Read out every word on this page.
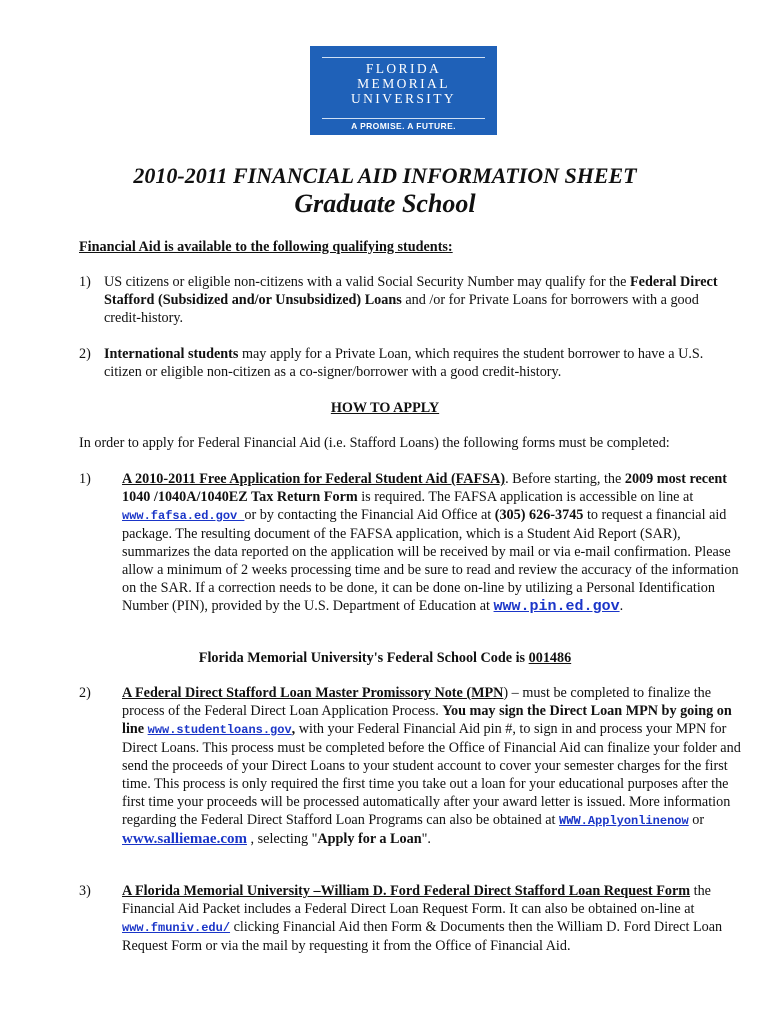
FLORIDA
MEMORIAL
UNIVERSITY
A PROMISE. A FUTURE.
2010-2011 FINANCIAL AID INFORMATION SHEET
Graduate School
Financial Aid is available to the following qualifying students:
1) US citizens or eligible non-citizens with a valid Social Security Number may qualify for the Federal Direct Stafford (Subsidized and/or Unsubsidized) Loans and /or for Private Loans for borrowers with a good credit-history.
2) International students may apply for a Private Loan, which requires the student borrower to have a U.S. citizen or eligible non-citizen as a co-signer/borrower with a good credit-history.
HOW TO APPLY
In order to apply for Federal Financial Aid (i.e. Stafford Loans) the following forms must be completed:
1) A 2010-2011 Free Application for Federal Student Aid (FAFSA). Before starting, the 2009 most recent 1040 /1040A/1040EZ Tax Return Form is required. The FAFSA application is accessible on line at www.fafsa.ed.gov or by contacting the Financial Aid Office at (305) 626-3745 to request a financial aid package. The resulting document of the FAFSA application, which is a Student Aid Report (SAR), summarizes the data reported on the application will be received by mail or via e-mail confirmation. Please allow a minimum of 2 weeks processing time and be sure to read and review the accuracy of the information on the SAR. If a correction needs to be done, it can be done on-line by utilizing a Personal Identification Number (PIN), provided by the U.S. Department of Education at www.pin.ed.gov.
Florida Memorial University's Federal School Code is 001486
2) A Federal Direct Stafford Loan Master Promissory Note (MPN) – must be completed to finalize the process of the Federal Direct Loan Application Process. You may sign the Direct Loan MPN by going on line www.studentloans.gov, with your Federal Financial Aid pin #, to sign in and process your MPN for Direct Loans. This process must be completed before the Office of Financial Aid can finalize your folder and send the proceeds of your Direct Loans to your student account to cover your semester charges for the first time. This process is only required the first time you take out a loan for your educational purposes after the first time your proceeds will be processed automatically after your award letter is issued. More information regarding the Federal Direct Stafford Loan Programs can also be obtained at WWW.Applyonlinenow or www.salliemae.com , selecting "Apply for a Loan".
3) A Florida Memorial University –William D. Ford Federal Direct Stafford Loan Request Form the Financial Aid Packet includes a Federal Direct Loan Request Form. It can also be obtained on-line at www.fmuniv.edu/ clicking Financial Aid then Form & Documents then the William D. Ford Direct Loan Request Form or via the mail by requesting it from the Office of Financial Aid.
